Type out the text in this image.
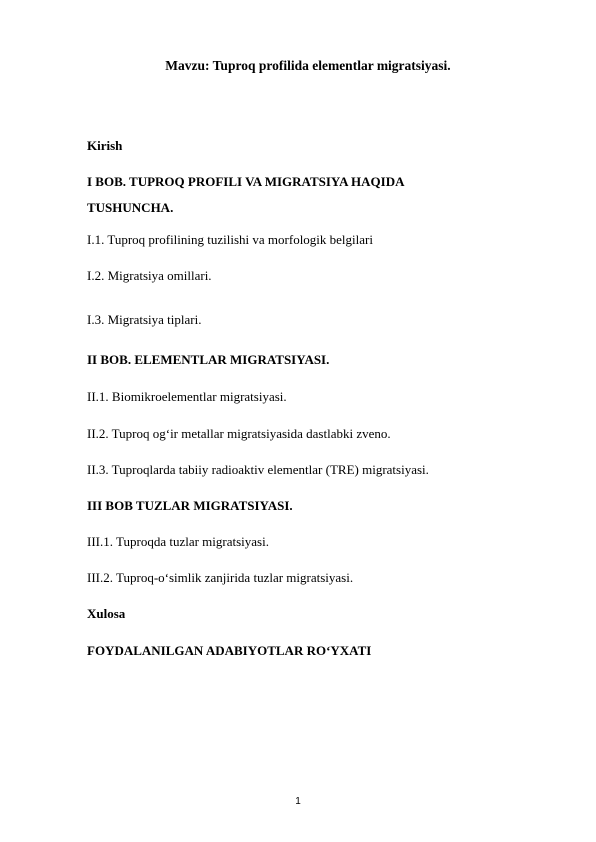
Mavzu: Tuproq profilida elementlar migratsiyasi.
Kirish
I BOB. TUPROQ PROFILI VA MIGRATSIYA HAQIDA TUSHUNCHA.
I.1. Tuproq profilining tuzilishi va morfologik belgilari
I.2. Migratsiya omillari.
I.3. Migratsiya tiplari.
II BOB. ELEMENTLAR MIGRATSIYASI.
II.1. Biomikroelementlar migratsiyasi.
II.2. Tuproq og‘ir metallar migratsiyasida dastlabki zveno.
II.3. Tuproqlarda tabiiy radioaktiv elementlar (TRE) migratsiyasi.
III BOB TUZLAR MIGRATSIYASI.
III.1. Tuproqda tuzlar migratsiyasi.
III.2. Tuproq-o‘simlik zanjirida tuzlar migratsiyasi.
Xulosa
FOYDALANILGAN ADABIYOTLAR RO‘YXATI
1
